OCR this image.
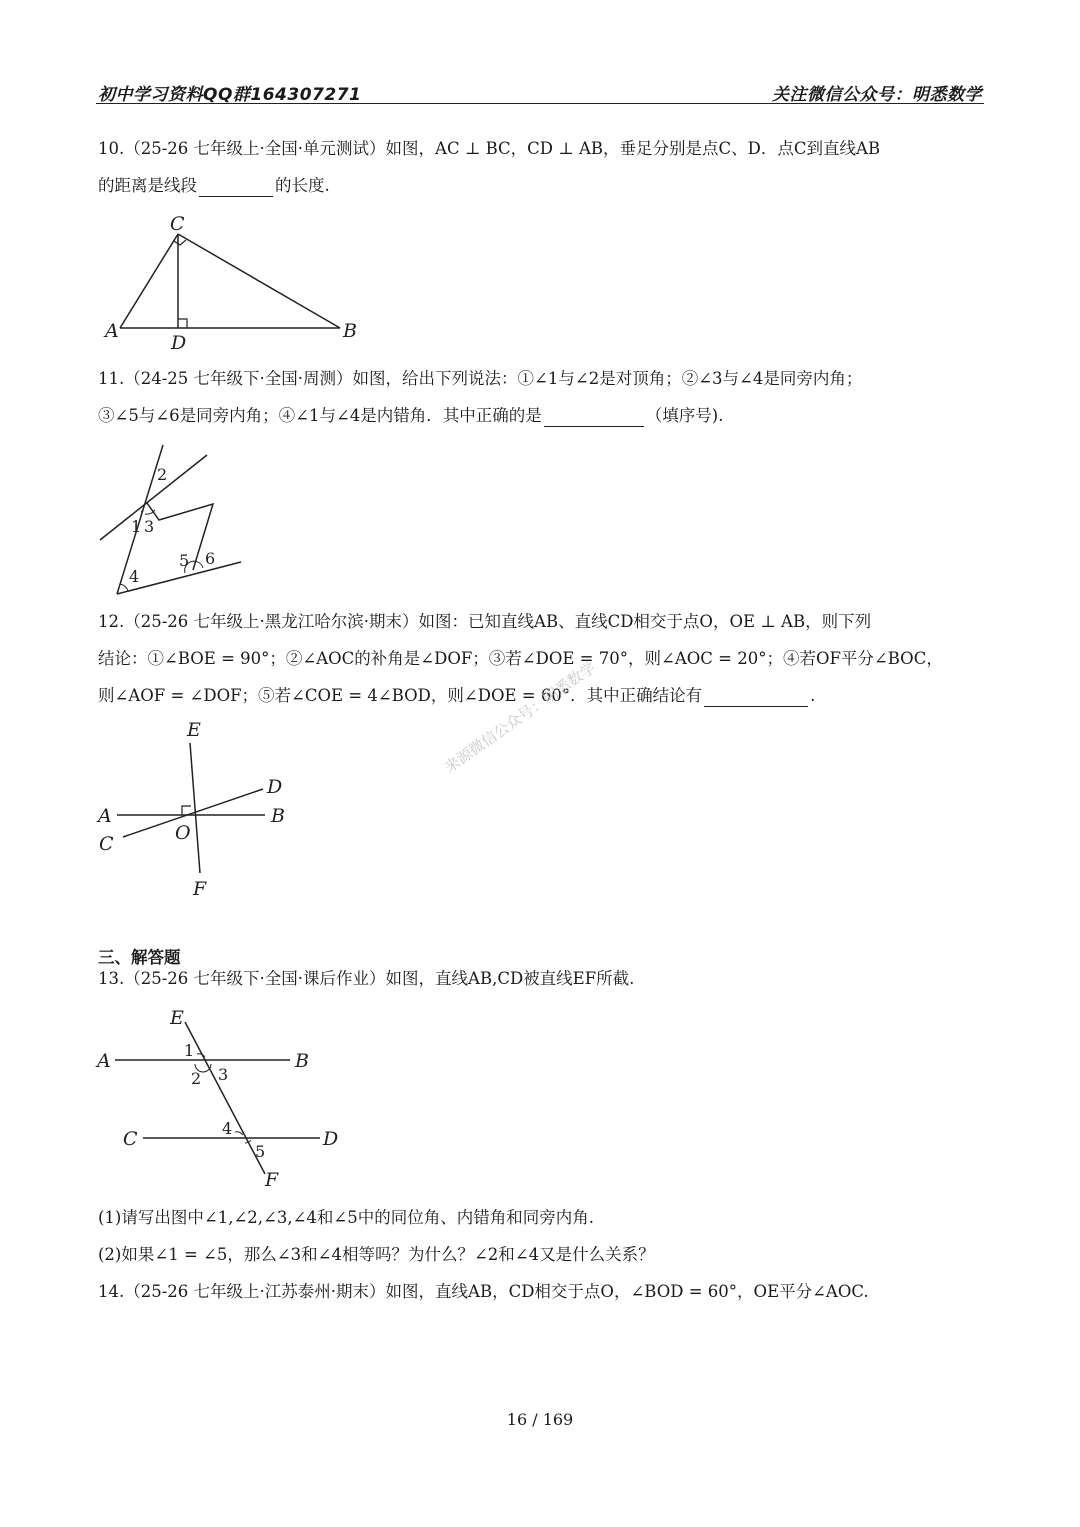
初中学习资料QQ群164307271	关注微信公众号：明悉数学
10.（25-26 七年级上·全国·单元测试）如图，AC ⊥ BC，CD ⊥ AB，垂足分别是点C、D．点C到直线AB
的距离是线段	的长度.
C
A
D
B
11.（24-25 七年级下·全国·周测）如图，给出下列说法：①∠1与∠2是对顶角；②∠3与∠4是同旁内角；
③∠5与∠6是同旁内角；④∠1与∠4是内错角．其中正确的是	（填序号).
2
1 3
4
5 6
12.（25-26 七年级上·黑龙江哈尔滨·期末）如图：已知直线AB、直线CD相交于点O，OE ⊥ AB，则下列
结论：①∠BOE = 90°；②∠AOC的补角是∠DOF；③若∠DOE = 70°，则∠AOC = 20°；④若OF平分∠BOC，
则∠AOF = ∠DOF；⑤若∠COE = 4∠BOD，则∠DOE = 60°．其中正确结论有	.
E
D
A	B
C	O
F
来源微信公众号：明悉数学
三、解答题
13.（25-26 七年级下·全国·课后作业）如图，直线AB,CD被直线EF所截.
E
A	B
C	D
F
1
2 3
4
5
(1)请写出图中∠1,∠2,∠3,∠4和∠5中的同位角、内错角和同旁内角.
(2)如果∠1 = ∠5，那么∠3和∠4相等吗？为什么？∠2和∠4又是什么关系？
14.（25-26 七年级上·江苏泰州·期末）如图，直线AB，CD相交于点O，∠BOD = 60°，OE平分∠AOC.
16 / 169
